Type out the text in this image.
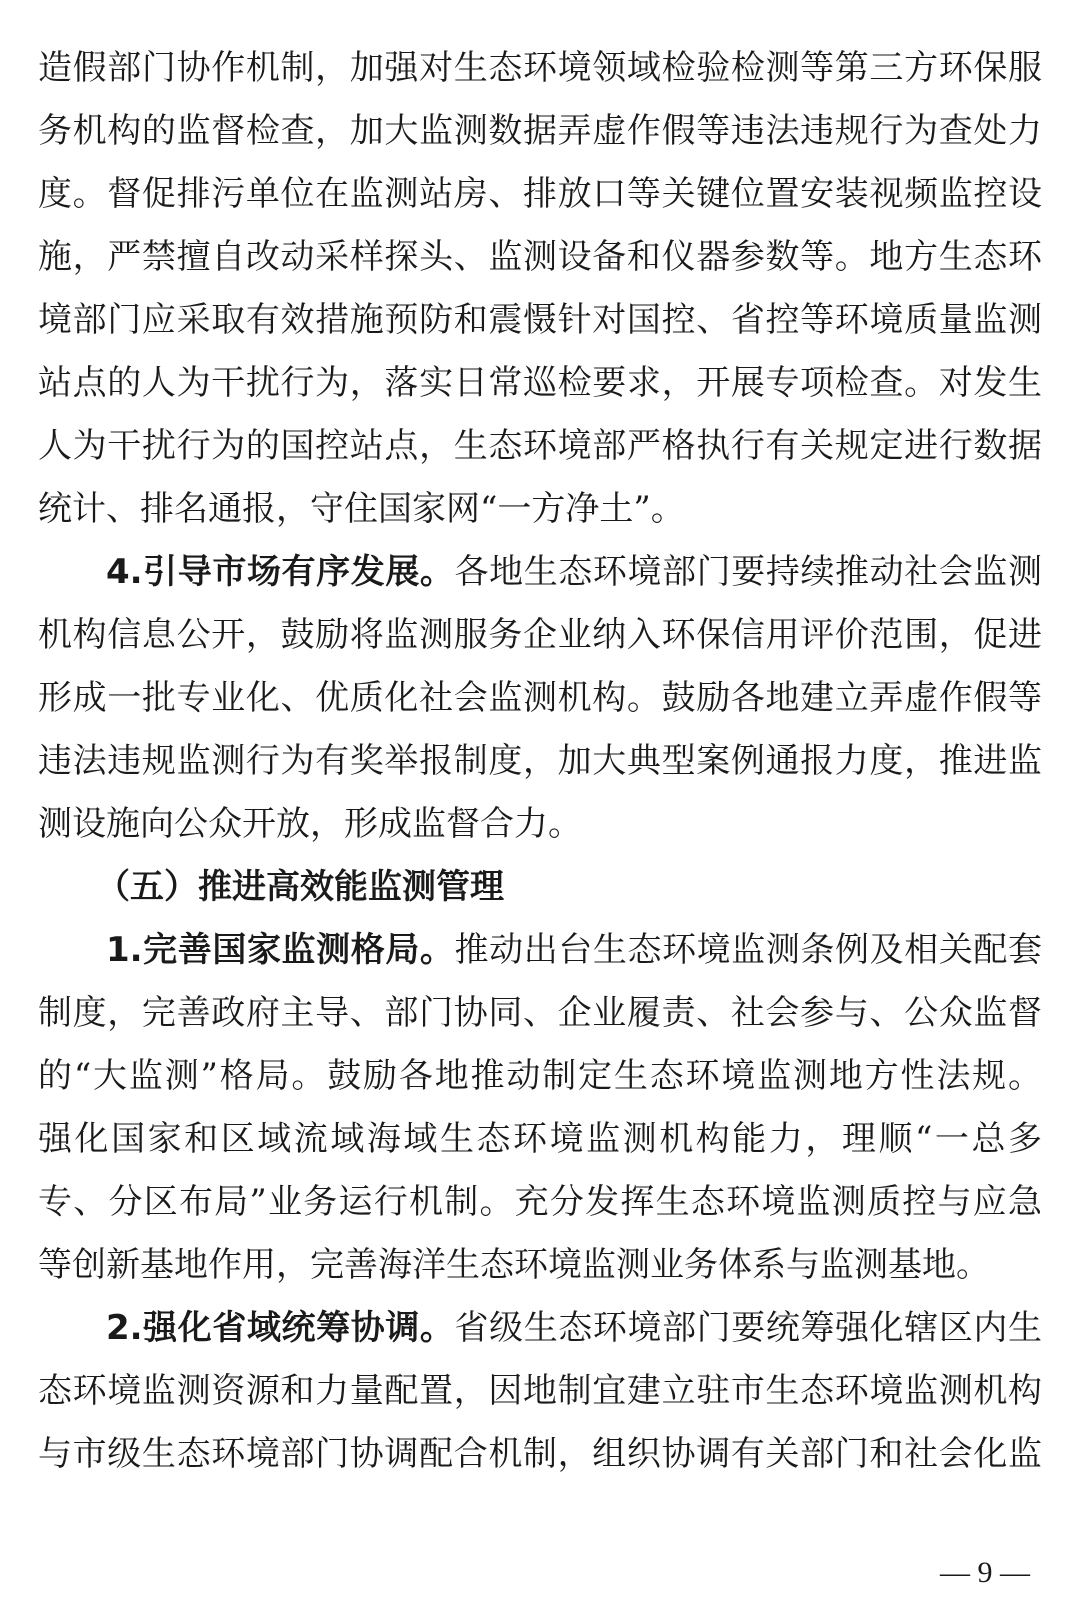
造假部门协作机制，加强对生态环境领域检验检测等第三方环保服
务机构的监督检查，加大监测数据弄虚作假等违法违规行为查处力
度。督促排污单位在监测站房、排放口等关键位置安装视频监控设
施，严禁擅自改动采样探头、监测设备和仪器参数等。地方生态环
境部门应采取有效措施预防和震慑针对国控、省控等环境质量监测
站点的人为干扰行为，落实日常巡检要求，开展专项检查。对发生
人为干扰行为的国控站点，生态环境部严格执行有关规定进行数据
统计、排名通报，守住国家网“一方净土”。
4.引导市场有序发展。各地生态环境部门要持续推动社会监测
机构信息公开，鼓励将监测服务企业纳入环保信用评价范围，促进
形成一批专业化、优质化社会监测机构。鼓励各地建立弄虚作假等
违法违规监测行为有奖举报制度，加大典型案例通报力度，推进监
测设施向公众开放，形成监督合力。
（五）推进高效能监测管理
1.完善国家监测格局。推动出台生态环境监测条例及相关配套
制度，完善政府主导、部门协同、企业履责、社会参与、公众监督
的“大监测”格局。鼓励各地推动制定生态环境监测地方性法规。
强化国家和区域流域海域生态环境监测机构能力，理顺“一总多
专、分区布局”业务运行机制。充分发挥生态环境监测质控与应急
等创新基地作用，完善海洋生态环境监测业务体系与监测基地。
2.强化省域统筹协调。省级生态环境部门要统筹强化辖区内生
态环境监测资源和力量配置，因地制宜建立驻市生态环境监测机构
与市级生态环境部门协调配合机制，组织协调有关部门和社会化监
— 9 —
